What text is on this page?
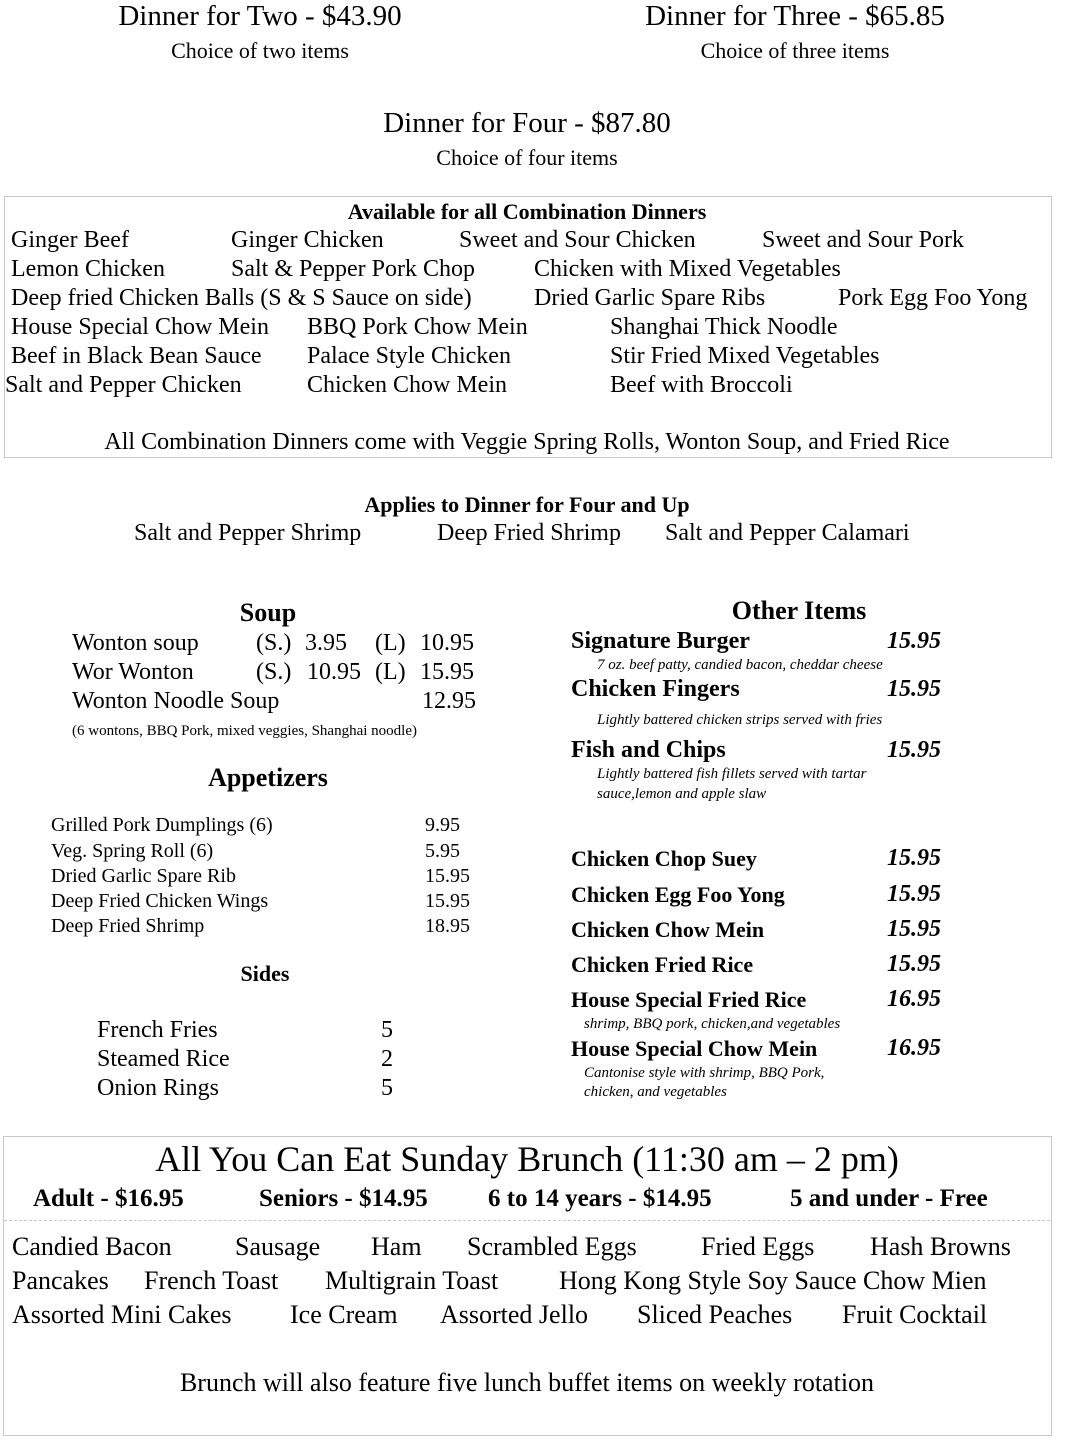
Dinner for Two - $43.90
Choice of two items
Dinner for Three - $65.85
Choice of three items
Dinner for Four - $87.80
Choice of four items
Available for all Combination Dinners
Ginger Beef	Ginger Chicken	Sweet and Sour Chicken	Sweet and Sour Pork
Lemon Chicken	Salt & Pepper Pork Chop Chicken with Mixed Vegetables
Deep fried Chicken Balls (S & S Sauce on side)	Dried Garlic Spare Ribs	Pork Egg Foo Yong
House Special Chow Mein BBQ Pork Chow Mein	Shanghai Thick Noodle
Beef in Black Bean Sauce Palace Style Chicken	Stir Fried Mixed Vegetables
Salt and Pepper Chicken	Chicken Chow Mein	Beef with Broccoli
All Combination Dinners come with Veggie Spring Rolls, Wonton Soup, and Fried Rice
Applies to Dinner for Four and Up
Salt and Pepper Shrimp	Deep Fried Shrimp Salt and Pepper Calamari
Soup
Wonton soup (S.) 3.95 (L) 10.95
Wor Wonton	(S.) 10.95 (L) 15.95
Wonton Noodle Soup	12.95
(6 wontons, BBQ Pork, mixed veggies, Shanghai noodle)
Appetizers
Grilled Pork Dumplings (6)	9.95
Veg. Spring Roll (6)	5.95
Dried Garlic Spare Rib	15.95
Deep Fried Chicken Wings	15.95
Deep Fried Shrimp	18.95
Sides
French Fries	5
Steamed Rice	2
Onion Rings	5
Other Items
Signature Burger	15.95
7 oz. beef patty, candied bacon, cheddar cheese
Chicken Fingers	15.95
Lightly battered chicken strips served with fries
Fish and Chips	15.95
Lightly battered fish fillets served with tartar
sauce,lemon and apple slaw
Chicken Chop Suey	15.95
Chicken Egg Foo Yong	15.95
Chicken Chow Mein	15.95
Chicken Fried Rice	15.95
House Special Fried Rice	16.95
shrimp, BBQ pork, chicken,and vegetables
House Special Chow Mein	16.95
Cantonise style with shrimp, BBQ Pork,
chicken, and vegetables
All You Can Eat Sunday Brunch (11:30 am – 2 pm)
Adult - $16.95	Seniors - $14.95 6 to 14 years - $14.95	5 and under - Free
Candied Bacon Sausage Ham Scrambled Eggs Fried Eggs Hash Browns
Pancakes French Toast Multigrain Toast Hong Kong Style Soy Sauce Chow Mien
Assorted Mini Cakes Ice Cream Assorted Jello Sliced Peaches Fruit Cocktail
Brunch will also feature five lunch buffet items on weekly rotation
